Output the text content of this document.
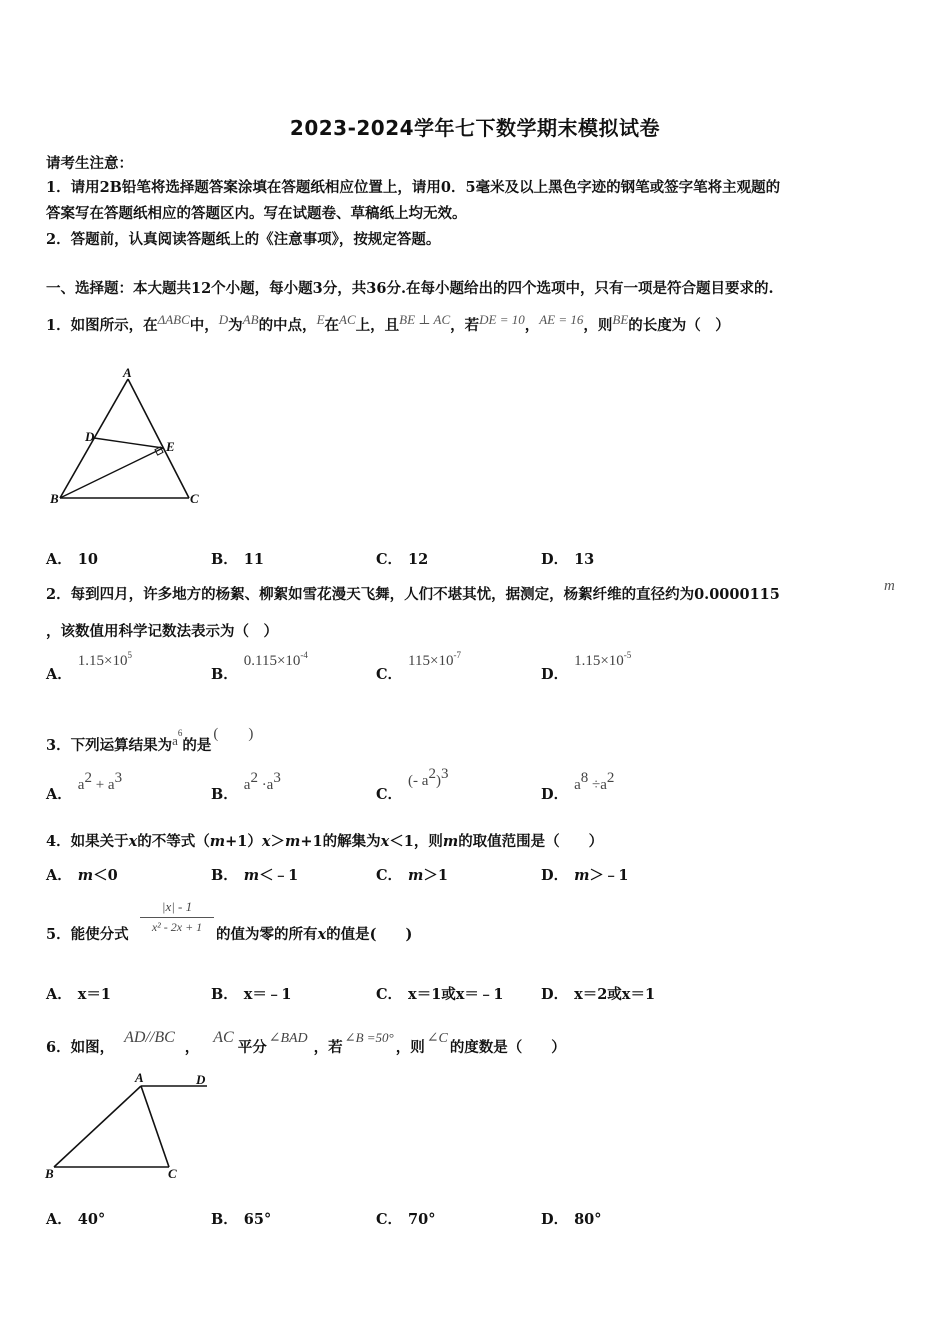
2023-2024学年七下数学期末模拟试卷
请考生注意：
1．请用2B铅笔将选择题答案涂填在答题纸相应位置上，请用0．5毫米及以上黑色字迹的钢笔或签字笔将主观题的
答案写在答题纸相应的答题区内。写在试题卷、草稿纸上均无效。
2．答题前，认真阅读答题纸上的《注意事项》，按规定答题。
一、选择题：本大题共12个小题，每小题3分，共36分.在每小题给出的四个选项中，只有一项是符合题目要求的.
1．如图所示，在ΔABC中，D为AB的中点，E在AC上，且BE ⊥ AC，若DE = 10，AE = 16，则BE的长度为（　）
A
B	C
D
E
A． 10	B． 11	C． 12	D． 13
2．每到四月，许多地方的杨絮、柳絮如雪花漫天飞舞，人们不堪其忧，据测定，杨絮纤维的直径约为0.0000115	m
，该数值用科学记数法表示为（　）
A．$1.15\times 10^5$
B．$0.115\times 10^{-4}$
C．$115\times 10^{-7}$
D．$1.15\times 10^{-5}$
3．下列运算结果为$a^6$的是(　　)
A．$a^2 + a^3$
B．$a^2 \cdot a^3$
C．(- $a^2)^3$
D．$a^8 \div a^2$
4．如果关于x的不等式（m+1）x＞m+1的解集为x＜1，则m的取值范围是（　　）
A． m＜0	B． m＜﹣1	C． m＞1	D． m＞﹣1
5．能使分式
|x| - 1
x² - 2x + 1 的值为零的所有x的值是(　　)
A． x＝1	B． x＝﹣1	C． x＝1或x＝﹣1	D． x＝2或x＝1
6．如图，AD//BC，AC平分∠BAD，若∠B =50°，则∠C的度数是（　　）
A	D
B	C
A． 40°	B． 65°	C． 70°	D． 80°
